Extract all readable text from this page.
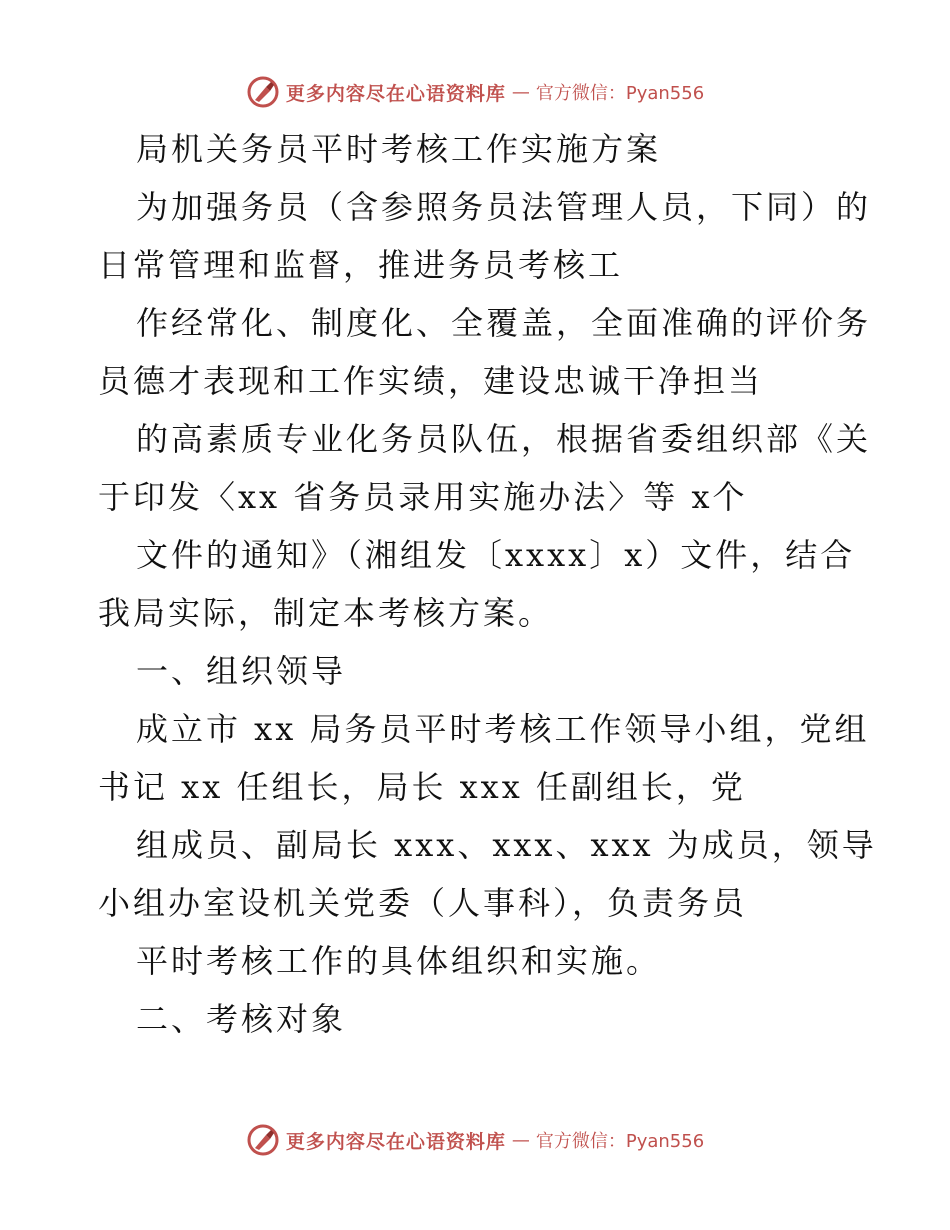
更多内容尽在心语资料库 — 官方微信：Pyan556
局机关务员平时考核工作实施方案
为加强务员（含参照务员法管理人员，下同）的
日常管理和监督，推进务员考核工
作经常化、制度化、全覆盖，全面准确的评价务
员德才表现和工作实绩，建设忠诚干净担当
的高素质专业化务员队伍，根据省委组织部《关
于印发〈xx 省务员录用实施办法〉等 x个
文件的通知》（湘组发〔xxxx〕x）文件，结合
我局实际，制定本考核方案。
一、组织领导
成立市 xx 局务员平时考核工作领导小组，党组
书记 xx 任组长，局长 xxx 任副组长，党
组成员、副局长 xxx、xxx、xxx 为成员，领导
小组办室设机关党委（人事科），负责务员
平时考核工作的具体组织和实施。
二、考核对象
更多内容尽在心语资料库 — 官方微信：Pyan556
